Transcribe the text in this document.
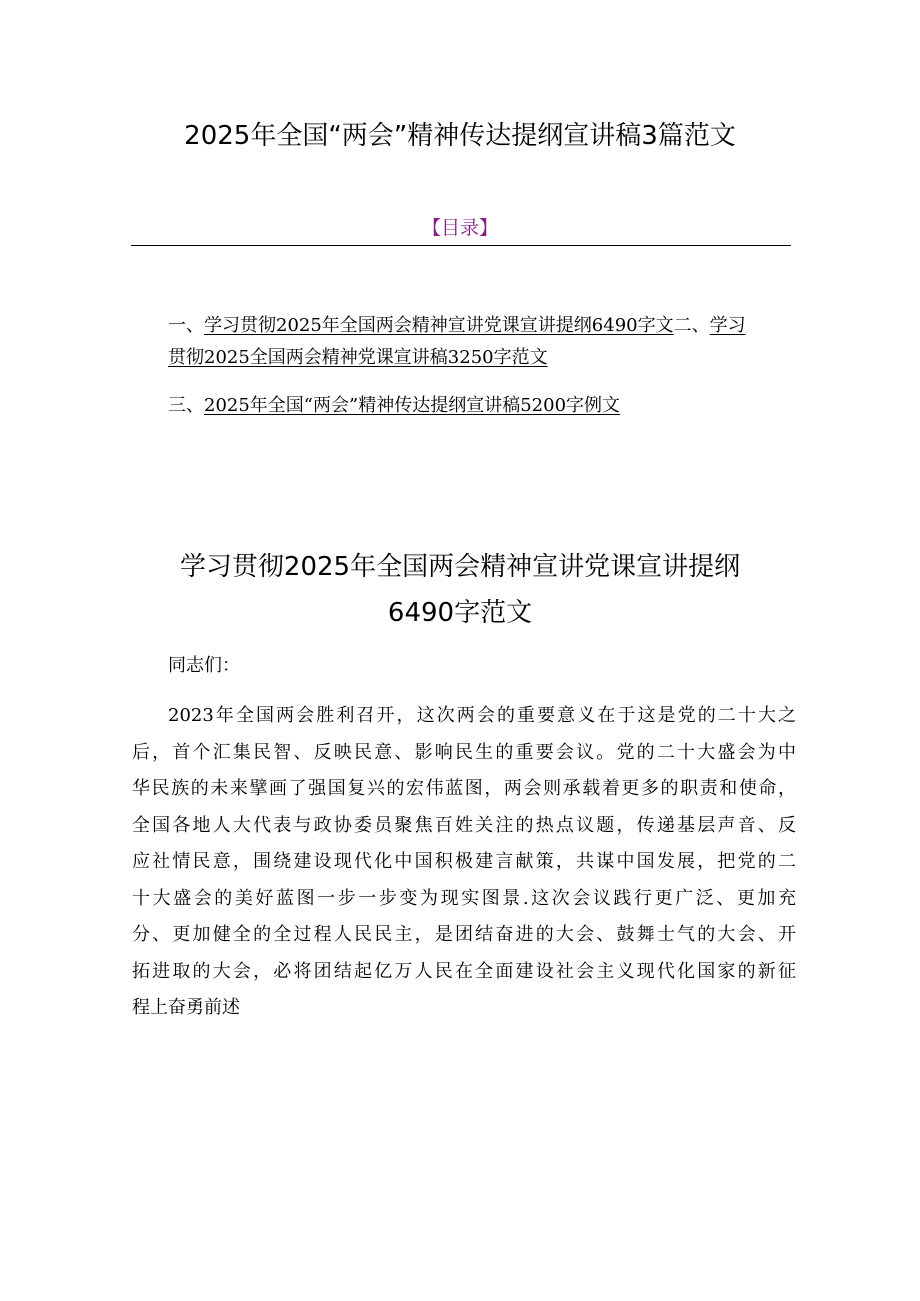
2025年全国“两会”精神传达提纲宣讲稿3篇范文
【目录】
一、学习贯彻2025年全国两会精神宣讲党课宣讲提纲6490字文二、学习
贯彻2025全国两会精神党课宣讲稿3250字范文
三、2025年全国“两会”精神传达提纲宣讲稿5200字例文
学习贯彻2025年全国两会精神宣讲党课宣讲提纲
6490字范文
同志们：
2023年全国两会胜利召开，这次两会的重要意义在于这是党的二十大之
后，首个汇集民智、反映民意、影响民生的重要会议。党的二十大盛会为中
华民族的未来擘画了强国复兴的宏伟蓝图，两会则承载着更多的职责和使命，
全国各地人大代表与政协委员聚焦百姓关注的热点议题，传递基层声音、反
应社情民意，围绕建设现代化中国积极建言献策，共谋中国发展，把党的二
十大盛会的美好蓝图一步一步变为现实图景.这次会议践行更广泛、更加充
分、更加健全的全过程人民民主，是团结奋进的大会、鼓舞士气的大会、开
拓进取的大会，必将团结起亿万人民在全面建设社会主义现代化国家的新征
程上奋勇前述
